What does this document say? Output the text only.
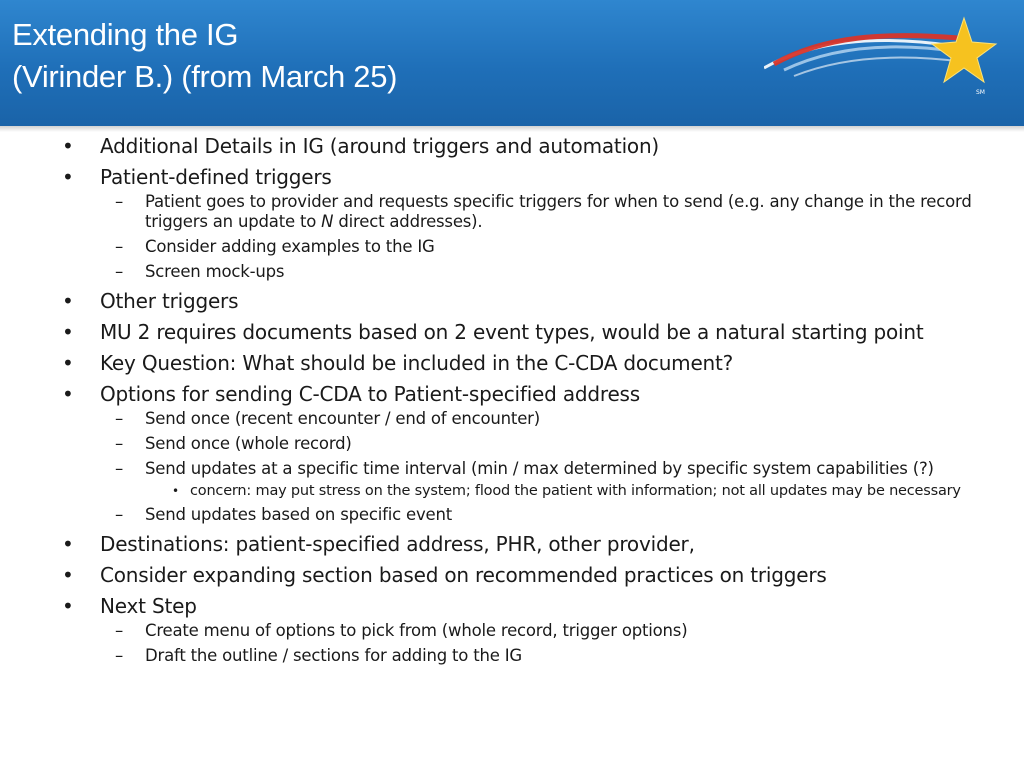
Extending the IG
(Virinder B.) (from March 25)	SM
• Additional Details in IG (around triggers and automation)
• Patient-defined triggers
– Patient goes to provider and requests specific triggers for when to send (e.g. any change in the record triggers an update to N direct addresses).
– Consider adding examples to the IG
– Screen mock-ups
• Other triggers
• MU 2 requires documents based on 2 event types, would be a natural starting point
• Key Question: What should be included in the C-CDA document?
• Options for sending C-CDA to Patient-specified address
– Send once (recent encounter / end of encounter)
– Send once (whole record)
– Send updates at a specific time interval (min / max determined by specific system capabilities (?)
• concern: may put stress on the system; flood the patient with information; not all updates may be necessary
– Send updates based on specific event
• Destinations: patient-specified address, PHR, other provider,
• Consider expanding section based on recommended practices on triggers
• Next Step
– Create menu of options to pick from (whole record, trigger options)
– Draft the outline / sections for adding to the IG
